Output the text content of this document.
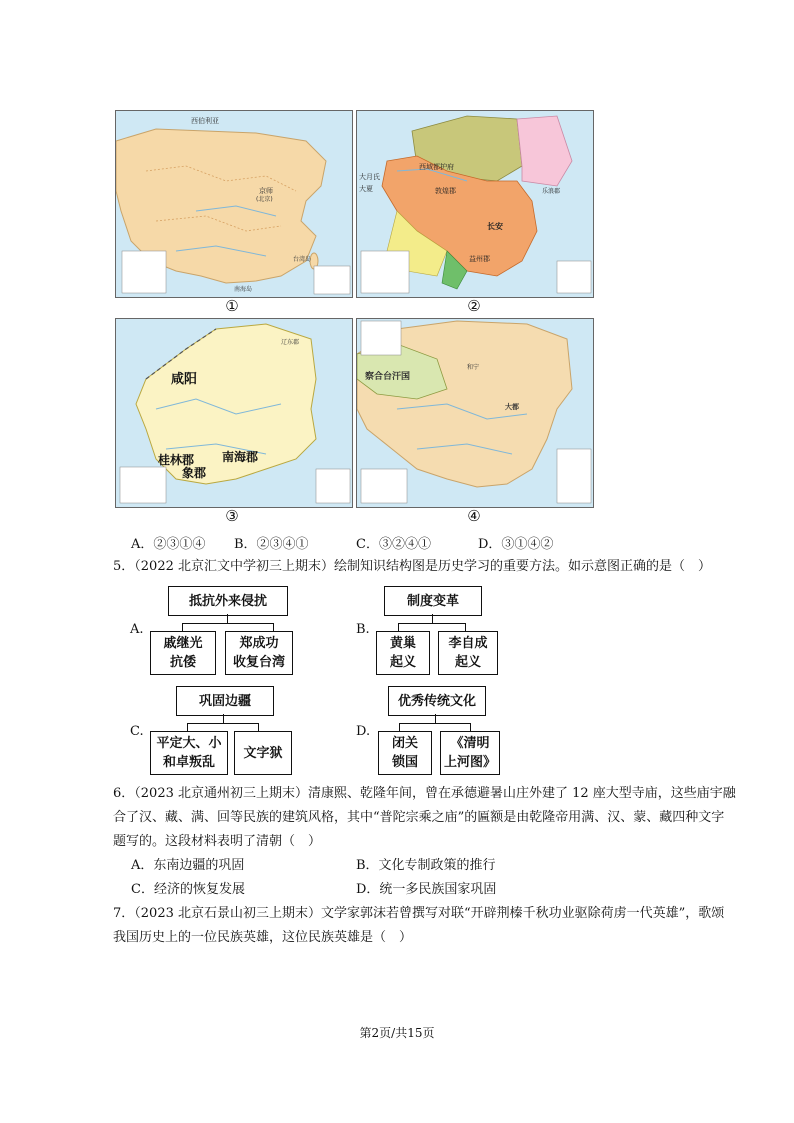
西伯利亚
京师
(北京)
台湾岛
南海岛
①
西域都护府
敦煌郡
长安
益州郡
大月氏
大夏	乐浪郡
②
咸阳
桂林郡 南海郡
象郡
辽东郡
③
察合台汗国
和宁
大都
④
A．②③①④ B．②③④①	C．③②④①	D．③①④②
5．（2022 北京汇文中学初三上期末）绘制知识结构图是历史学习的重要方法。如示意图正确的是（　）
A.
抵抗外来侵扰
戚继光
抗倭
郑成功
收复台湾
B.
制度变革
黄巢
起义
李自成
起义
C.
巩固边疆
平定大、小
和卓叛乱
文字狱
D.
优秀传统文化
闭关
锁国
《清明
上河图》
6．（2023 北京通州初三上期末）清康熙、乾隆年间，曾在承德避暑山庄外建了 12 座大型寺庙，这些庙宇融
合了汉、藏、满、回等民族的建筑风格，其中“普陀宗乘之庙”的匾额是由乾隆帝用满、汉、蒙、藏四种文字
题写的。这段材料表明了清朝（　）
A．东南边疆的巩固	B．文化专制政策的推行
C．经济的恢复发展	D．统一多民族国家巩固
7．（2023 北京石景山初三上期末）文学家郭沫若曾撰写对联“开辟荆榛千秋功业驱除荷虏一代英雄”，歌颂
我国历史上的一位民族英雄，这位民族英雄是（　）
第2页/共15页
